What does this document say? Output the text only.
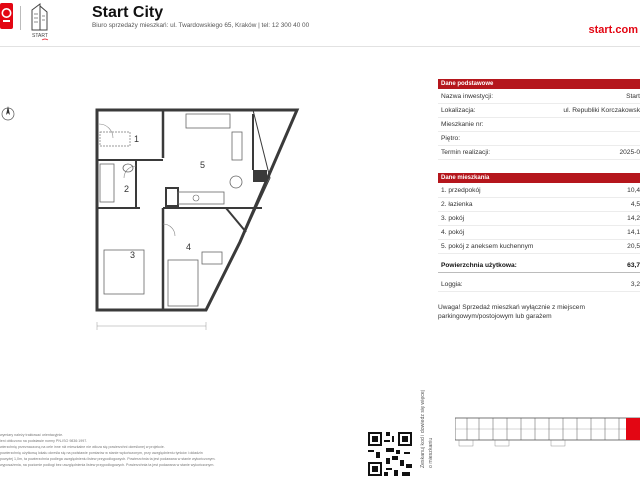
START
Start City
Biuro sprzedaży mieszkań: ul. Twardowskiego 65, Kraków | tel: 12 300 40 00	start.com
1
2
3
4
5
Dane podstawowe
Nazwa inwestycji:	Start
Lokalizacja:	ul. Republiki Korczakowsk
Mieszkanie nr:
Piętro:
Termin realizacji:	2025-0
Dane mieszkania
1. przedpokój	10,4
2. łazienka	4,5
3. pokój	14,2
4. pokój	14,1
5. pokój z aneksem kuchennym	20,5
Powierzchnia użytkowa:	63,7
Loggia:	3,2
Uwaga! Sprzedaż mieszkań wyłącznie z miejscem parkingowym/postojowym lub garażem
wymiary należy traktować orientacyjnie.
ieni obliczono na podstawie normy PN-ISO 9836:1997.
wierzchnię przeznaczoną na cele inne niż mieszkalne nie wlicza się powierzchni określonej w projekcie.
powierzchnię użytkową lokalu określa się na podstawie pomiarów w stanie wykończonym, przy uwzględnieniu tynków i okładzin
powyżej 1,0m, ta powierzchnia podlega uwzględnieniu listew przypodłogowych. Powierzchnia ta jest podawana w stanie wykończonym.
wyposażenia, na poziomie podłogi bez uwzględnienia listew przypodłogowych. Powierzchnia ta jest podawana w stanie wykończonym.	Zeskanuj kod i dowiedz się więcej o mieszkaniu
